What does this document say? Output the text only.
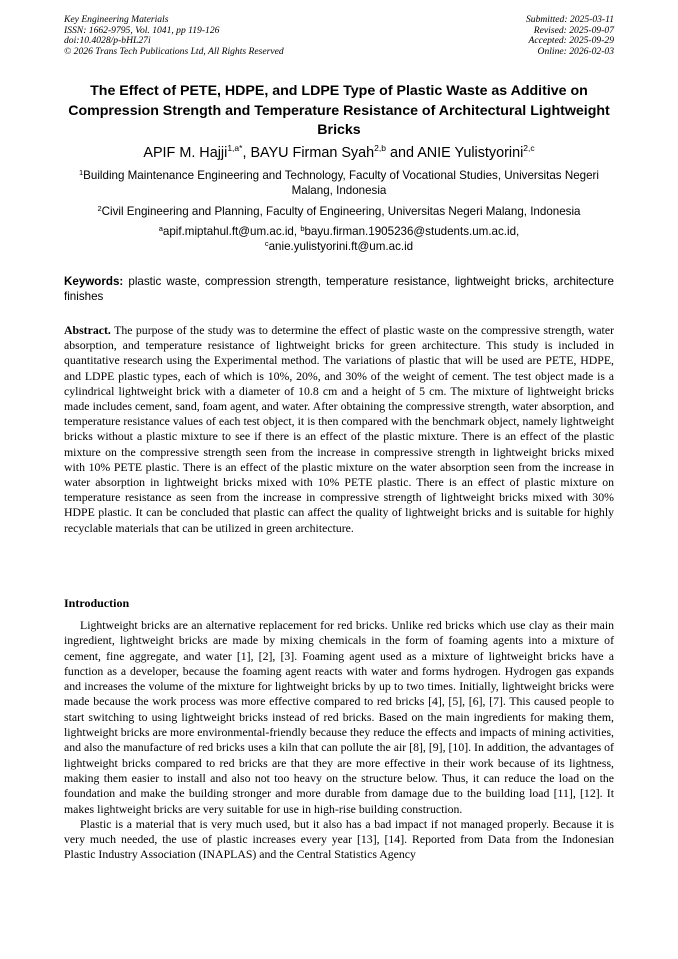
Key Engineering Materials
ISSN: 1662-9795, Vol. 1041, pp 119-126
doi:10.4028/p-bHL27i
© 2026 Trans Tech Publications Ltd, All Rights Reserved
Submitted: 2025-03-11
Revised: 2025-09-07
Accepted: 2025-09-29
Online: 2026-02-03
The Effect of PETE, HDPE, and LDPE Type of Plastic Waste as Additive on Compression Strength and Temperature Resistance of Architectural Lightweight Bricks
APIF M. Hajji$^{1,a*}$, BAYU Firman Syah$^{2,b}$ and ANIE Yulistyorini$^{2,c}$
$^1$Building Maintenance Engineering and Technology, Faculty of Vocational Studies, Universitas Negeri Malang, Indonesia
$^2$Civil Engineering and Planning, Faculty of Engineering, Universitas Negeri Malang, Indonesia
$^a$apif.miptahul.ft@um.ac.id, $^b$bayu.firman.1905236@students.um.ac.id,
$^c$anie.yulistyorini.ft@um.ac.id
Keywords: plastic waste, compression strength, temperature resistance, lightweight bricks, architecture finishes

Abstract. The purpose of the study was to determine the effect of plastic waste on the compressive strength, water absorption, and temperature resistance of lightweight bricks for green architecture. This study is included in quantitative research using the Experimental method. The variations of plastic that will be used are PETE, HDPE, and LDPE plastic types, each of which is 10%, 20%, and 30% of the weight of cement. The test object made is a cylindrical lightweight brick with a diameter of 10.8 cm and a height of 5 cm. The mixture of lightweight bricks made includes cement, sand, foam agent, and water. After obtaining the compressive strength, water absorption, and temperature resistance values of each test object, it is then compared with the benchmark object, namely lightweight bricks without a plastic mixture to see if there is an effect of the plastic mixture. There is an effect of the plastic mixture on the compressive strength seen from the increase in compressive strength in lightweight bricks mixed with 10% PETE plastic. There is an effect of the plastic mixture on the water absorption seen from the increase in water absorption in lightweight bricks mixed with 10% PETE plastic. There is an effect of plastic mixture on temperature resistance as seen from the increase in compressive strength of lightweight bricks mixed with 30% HDPE plastic. It can be concluded that plastic can affect the quality of lightweight bricks and is suitable for highly recyclable materials that can be utilized in green architecture.

Introduction

Lightweight bricks are an alternative replacement for red bricks. Unlike red bricks which use clay as their main ingredient, lightweight bricks are made by mixing chemicals in the form of foaming agents into a mixture of cement, fine aggregate, and water [1], [2], [3]. Foaming agent used as a mixture of lightweight bricks have a function as a developer, because the foaming agent reacts with water and forms hydrogen. Hydrogen gas expands and increases the volume of the mixture for lightweight bricks by up to two times. Initially, lightweight bricks were made because the work process was more effective compared to red bricks [4], [5], [6], [7]. This caused people to start switching to using lightweight bricks instead of red bricks. Based on the main ingredients for making them, lightweight bricks are more environmental-friendly because they reduce the effects and impacts of mining activities, and also the manufacture of red bricks uses a kiln that can pollute the air [8], [9], [10]. In addition, the advantages of lightweight bricks compared to red bricks are that they are more effective in their work because of its lightness, making them easier to install and also not too heavy on the structure below. Thus, it can reduce the load on the foundation and make the building stronger and more durable from damage due to the building load [11], [12]. It makes lightweight bricks are very suitable for use in high-rise building construction.

Plastic is a material that is very much used, but it also has a bad impact if not managed properly. Because it is very much needed, the use of plastic increases every year [13], [14]. Reported from Data from the Indonesian Plastic Industry Association (INAPLAS) and the Central Statistics Agency
